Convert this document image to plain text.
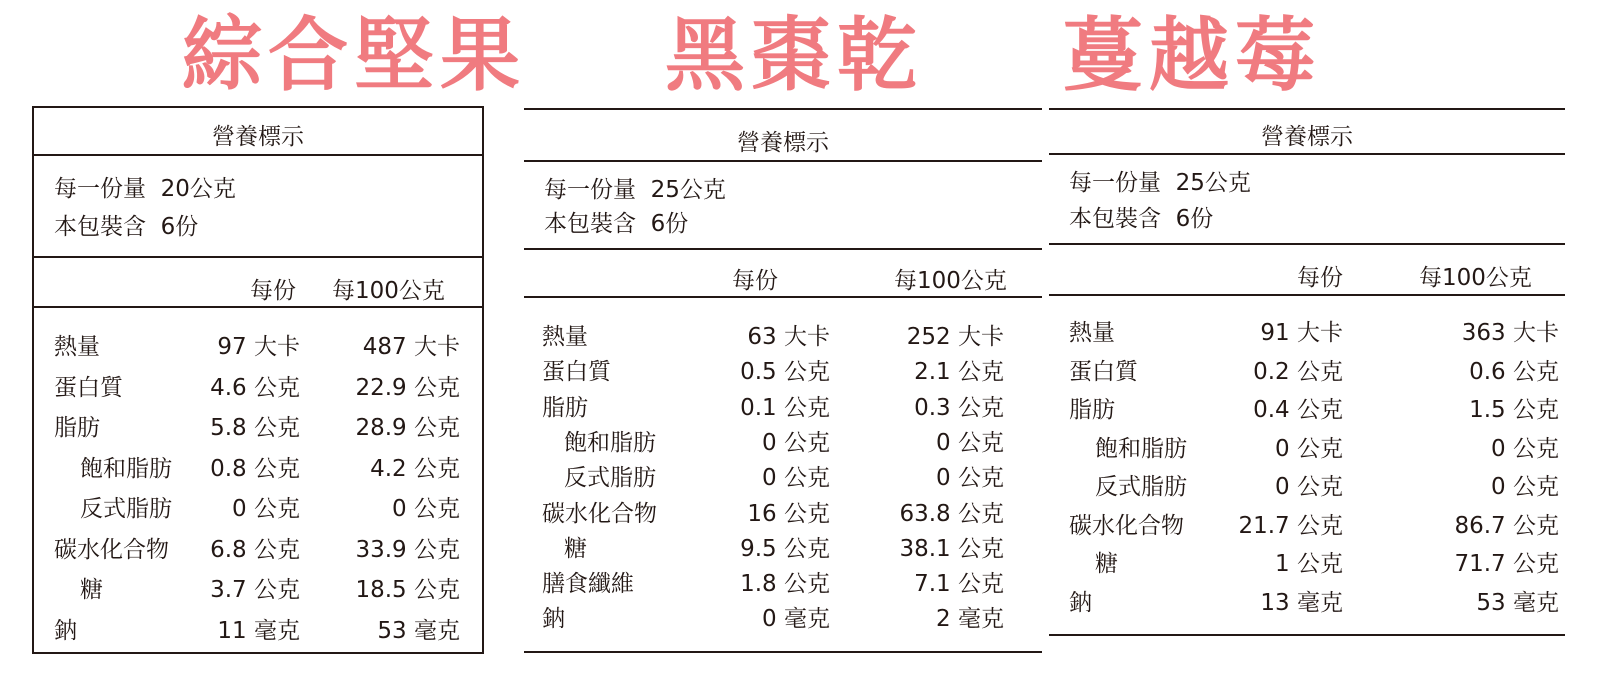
綜合堅果 黑棗乾 蔓越莓
營養標示
每一份量 20公克
本包裝含 6份
每份 每100公克
熱量	97 大卡	487 大卡
蛋白質	4.6 公克 22.9 公克
脂肪	5.8 公克 28.9 公克
飽和脂肪 0.8 公克	4.2 公克
反式脂肪	0 公克	0 公克
碳水化合物 6.8 公克 33.9 公克
糖	3.7 公克 18.5 公克
鈉	11 毫克	53 毫克
營養標示
每一份量 25公克
本包裝含 6份
每份	每100公克
熱量	63 大卡	252 大卡
蛋白質	0.5 公克	2.1 公克
脂肪	0.1 公克	0.3 公克
飽和脂肪	0 公克	0 公克
反式脂肪	0 公克	0 公克
碳水化合物	16 公克	63.8 公克
糖	9.5 公克	38.1 公克
膳食纖維	1.8 公克	7.1 公克
鈉	0 毫克	2 毫克
營養標示
每一份量 25公克
本包裝含 6份
每份	每100公克
熱量	91 大卡	363 大卡
蛋白質	0.2 公克	0.6 公克
脂肪	0.4 公克	1.5 公克
飽和脂肪	0 公克	0 公克
反式脂肪	0 公克	0 公克
碳水化合物 21.7 公克	86.7 公克
糖	1 公克	71.7 公克
鈉	13 毫克	53 毫克
